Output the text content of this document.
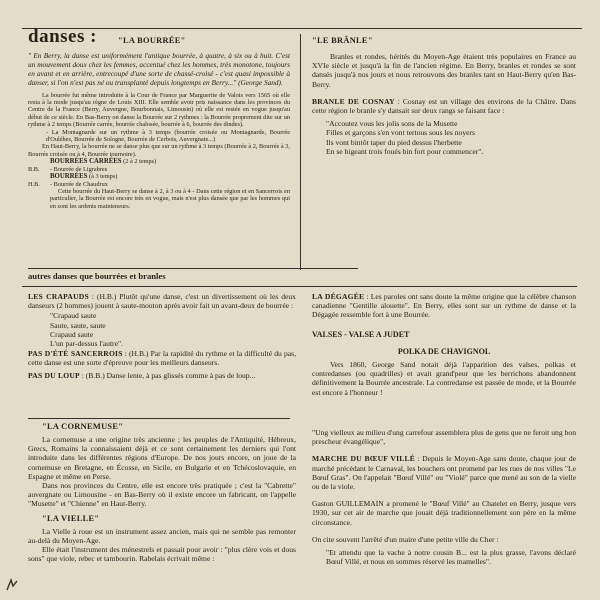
danses :	"LA BOURRÉE"	"LE BRÂNLE"

" En Berry, la danse est uniformément l'antique bourrée, à quatre, à six ou à huit. C'est un mouvement doux chez les femmes, accentué chez les hommes, très monotone, toujours en avant et en arrière, entrecoupé d'une sorte de chassé-croisé - c'est quasi impossible à danser, si l'on n'est pas né ou transplanté depuis longtemps en Berry..." (George Sand).

La bourrée fut même introduite à la Cour de France par Marguerite de Valois vers 1565 où elle resta à la mode jusqu'au règne de Louis XIII. Elle semble avoir pris naissance dans les provinces du Centre de la France (Berry, Auvergne, Bourbonnais, Limousin) où elle est restée en vogue jusqu'au début de ce siècle. En Bas-Berry on danse la Bourrée sur 2 rythmes : la Bourrée proprement dite sur un rythme à 2 temps (Bourrée carrée, bourrée chalosée, bourrée à 6, bourrée des dindes).

- La Montagnarde sur un rythme à 3 temps (bourrée croisée ou Montagnarde, Bourrée d'Ouléhes, Bourrée de Sologne, Bourrée de Cerbois, Auvergnate...)

En Haut-Berry, la bourrée ne se danse plus que sur un rythme à 3 temps (Bourrée à 2, Bourrée à 3, Bourrée croisée ou à 4, Bourrée tournoire).

BOURRÉES CARRÉES (2 à 2 temps)

B.B. - Bourrée de Ligrabres

BOURRÉES (à 3 temps)

H.B. - Bourrée de Chaudrux

Cette bourrée du Haut-Berry se danse à 2, à 3 ou à 4 - Dans cette région et en Sancerrois en particulier, la Bourrée est encore très en vogue, mais n'est plus dansée que par les hommes qui en sont les ardents mainteneurs.

Branles et rondes, hérités du Moyen-Age étaient très populaires en France au XVIe siècle et jusqu'à la fin de l'ancien régime. En Berry, branles et rondes se sont dansés jusqu'à nos jours et nous retrouvons des branles tant en Haut-Berry qu'en Bas-Berry.

BRANLE DE COSNAY : Cosnay est un village des environs de la Châtre. Dans cette région le branle s'y dansait sur deux rangs se faisant face :

"Accoutez vous les jolis sons de la Musette

Filles et garçons s'en vont tertous sous les noyers

Ils vont bintôt taper du pied dessus l'herbette

En se bigeant trois foués bin fort pour commencer".

autres danses que bourrées et branles

LES CRAPAUDS : (H.B.) Plutôt qu'une danse, c'est un divertissement où les deux danseurs (2 hommes) jouent à saute-mouton après avoir fait un avant-deux de bourrée :

"Crapaud saute

Saute, saute, saute

Crapaud saute

L'un par-dessus l'autre".

PAS D'ÉTÉ SANCERROIS : (H.B.) Par la rapidité du rythme et la difficulté du pas, cette danse est une sorte d'épreuve pour les meilleurs danseurs.

PAS DU LOUP : (B.B.) Danse lente, à pas glissés comme à pas de loup...

LA DÉGAGÉE : Les paroles ont sans doute la même origine que la célèbre chanson canadienne "Gentille alouette". En Berry, elles sont sur un rythme de danse et la Dégagée ressemble fort à une Bourrée.

VALSES - VALSE A JUDET

POLKA DE CHAVIGNOL

Vers 1860, George Sand notait déjà l'apparition des valses, polkas et contredanses (ou quadrilles) et avait grand'peur que les berrichons abandonnent définitivement la Bourrée ancestrale. La contredanse est passée de mode, et la Bourrée est encore à l'honneur !

"LA CORNEMUSE"

La cornemuse a une origine très ancienne ; les peuples de l'Antiquité, Hébreux, Grecs, Romains la connaissaient déjà et ce sont certainement les derniers qui l'ont introduite dans les différentes régions d'Europe. De nos jours encore, on joue de la cornemuse en Bretagne, en Écosse, en Sicile, en Bulgarie et en Tchécoslovaquie, en Espagne et même en Perse.

Dans nos provinces du Centre, elle est encore très pratiquée ; c'est la "Cabrette" auvergnate ou Limousine - en Bas-Berry où il existe encore un fabricant, on l'appelle "Musette" et "Chienne" en Haut-Berry.

"LA VIELLE"

La Vielle à roue est un instrument assez ancien, mais qui ne semble pas remonter au-delà du Moyen-Age.

Elle était l'instrument des ménestrels et passait pour avoir : "plus clère vois et dous sons" que viole, rebec et tambourin. Rabelais écrivait même :

"Ung vielleux au milieu d'ung carrefour assemblera plus de gens que ne feroit ung bon prescheur évangélique",

MARCHE DU BŒUF VILLÉ : Depuis le Moyen-Age sans doute, chaque jour de marché précédant le Carnaval, les bouchers ont promené par les rues de nos villes "Le Bœuf Gras". On l'appelait "Bœuf Villé" ou "Violé" parce que mené au son de la vielle ou de la viole.

Gaston GUILLEMAIN a promené le "Bœuf Villé" au Chatelet en Berry, jusque vers 1930, sur cet air de marche que jouait déjà traditionnellement son père en la même circonstance.

On cite souvent l'arrêté d'un maire d'une petite ville du Cher :

"Et attendu que la vache à notre cousin B... est la plus grasse, l'avons déclaré Bœuf Villé, et nous en sommes réservé les mamelles".
